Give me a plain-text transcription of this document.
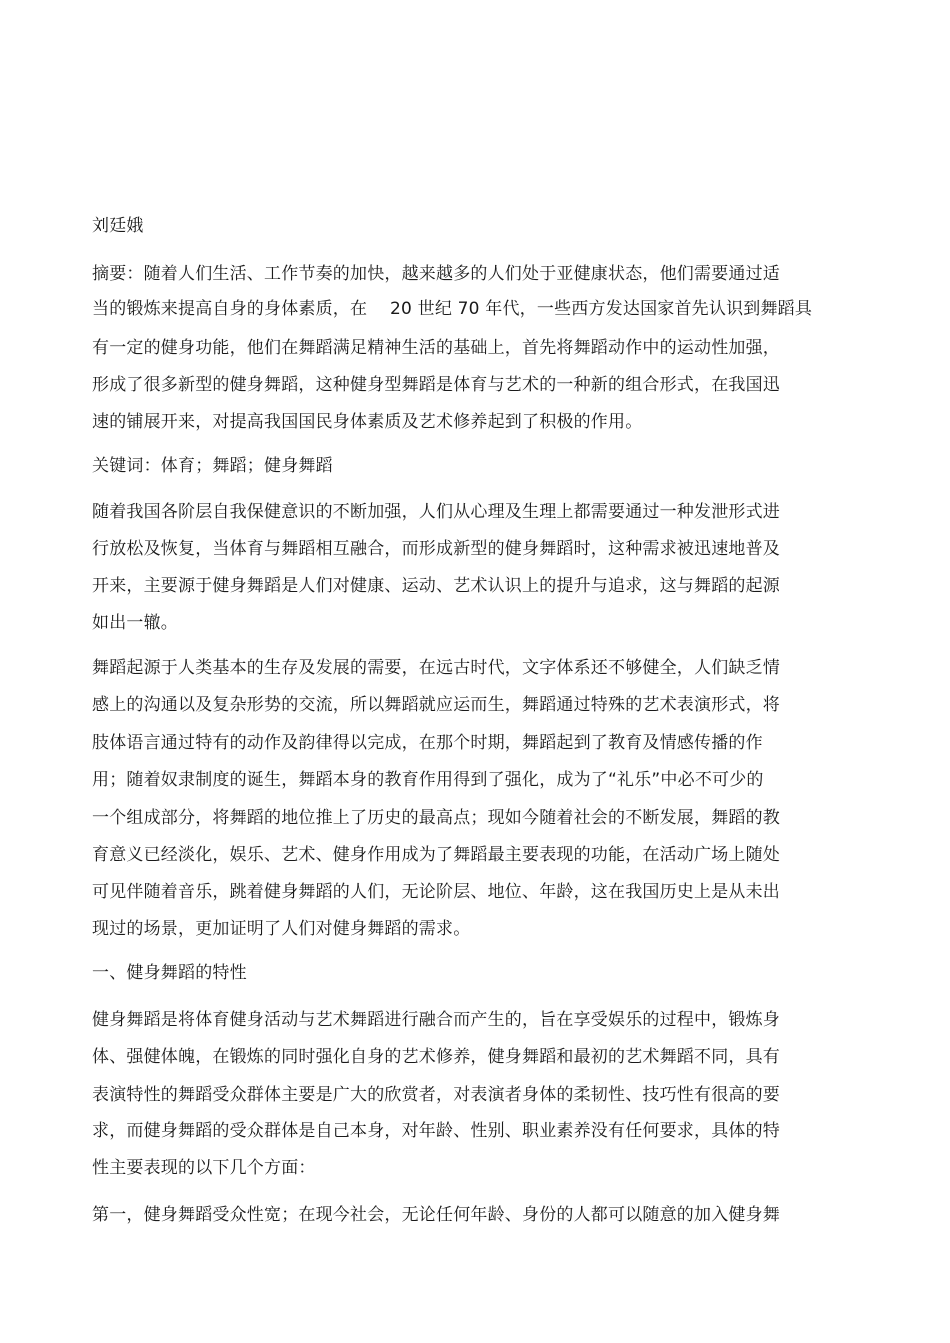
刘廷娥
摘要：随着人们生活、工作节奏的加快，越来越多的人们处于亚健康状态，他们需要通过适
当的锻炼来提高自身的身体素质，在　 20 世纪 70 年代，一些西方发达国家首先认识到舞蹈具
有一定的健身功能，他们在舞蹈满足精神生活的基础上，首先将舞蹈动作中的运动性加强，
形成了很多新型的健身舞蹈，这种健身型舞蹈是体育与艺术的一种新的组合形式，在我国迅
速的铺展开来，对提高我国国民身体素质及艺术修养起到了积极的作用。
关键词：体育；舞蹈；健身舞蹈
随着我国各阶层自我保健意识的不断加强，人们从心理及生理上都需要通过一种发泄形式进
行放松及恢复，当体育与舞蹈相互融合，而形成新型的健身舞蹈时，这种需求被迅速地普及
开来，主要源于健身舞蹈是人们对健康、运动、艺术认识上的提升与追求，这与舞蹈的起源
如出一辙。
舞蹈起源于人类基本的生存及发展的需要，在远古时代，文字体系还不够健全，人们缺乏情
感上的沟通以及复杂形势的交流，所以舞蹈就应运而生，舞蹈通过特殊的艺术表演形式，将
肢体语言通过特有的动作及韵律得以完成，在那个时期，舞蹈起到了教育及情感传播的作
用；随着奴隶制度的诞生，舞蹈本身的教育作用得到了强化，成为了“礼乐”中必不可少的
一个组成部分，将舞蹈的地位推上了历史的最高点；现如今随着社会的不断发展，舞蹈的教
育意义已经淡化，娱乐、艺术、健身作用成为了舞蹈最主要表现的功能，在活动广场上随处
可见伴随着音乐，跳着健身舞蹈的人们，无论阶层、地位、年龄，这在我国历史上是从未出
现过的场景，更加证明了人们对健身舞蹈的需求。
一、健身舞蹈的特性
健身舞蹈是将体育健身活动与艺术舞蹈进行融合而产生的，旨在享受娱乐的过程中，锻炼身
体、强健体魄，在锻炼的同时强化自身的艺术修养，健身舞蹈和最初的艺术舞蹈不同，具有
表演特性的舞蹈受众群体主要是广大的欣赏者，对表演者身体的柔韧性、技巧性有很高的要
求，而健身舞蹈的受众群体是自己本身，对年龄、性别、职业素养没有任何要求，具体的特
性主要表现的以下几个方面：
第一，健身舞蹈受众性宽；在现今社会，无论任何年龄、身份的人都可以随意的加入健身舞
